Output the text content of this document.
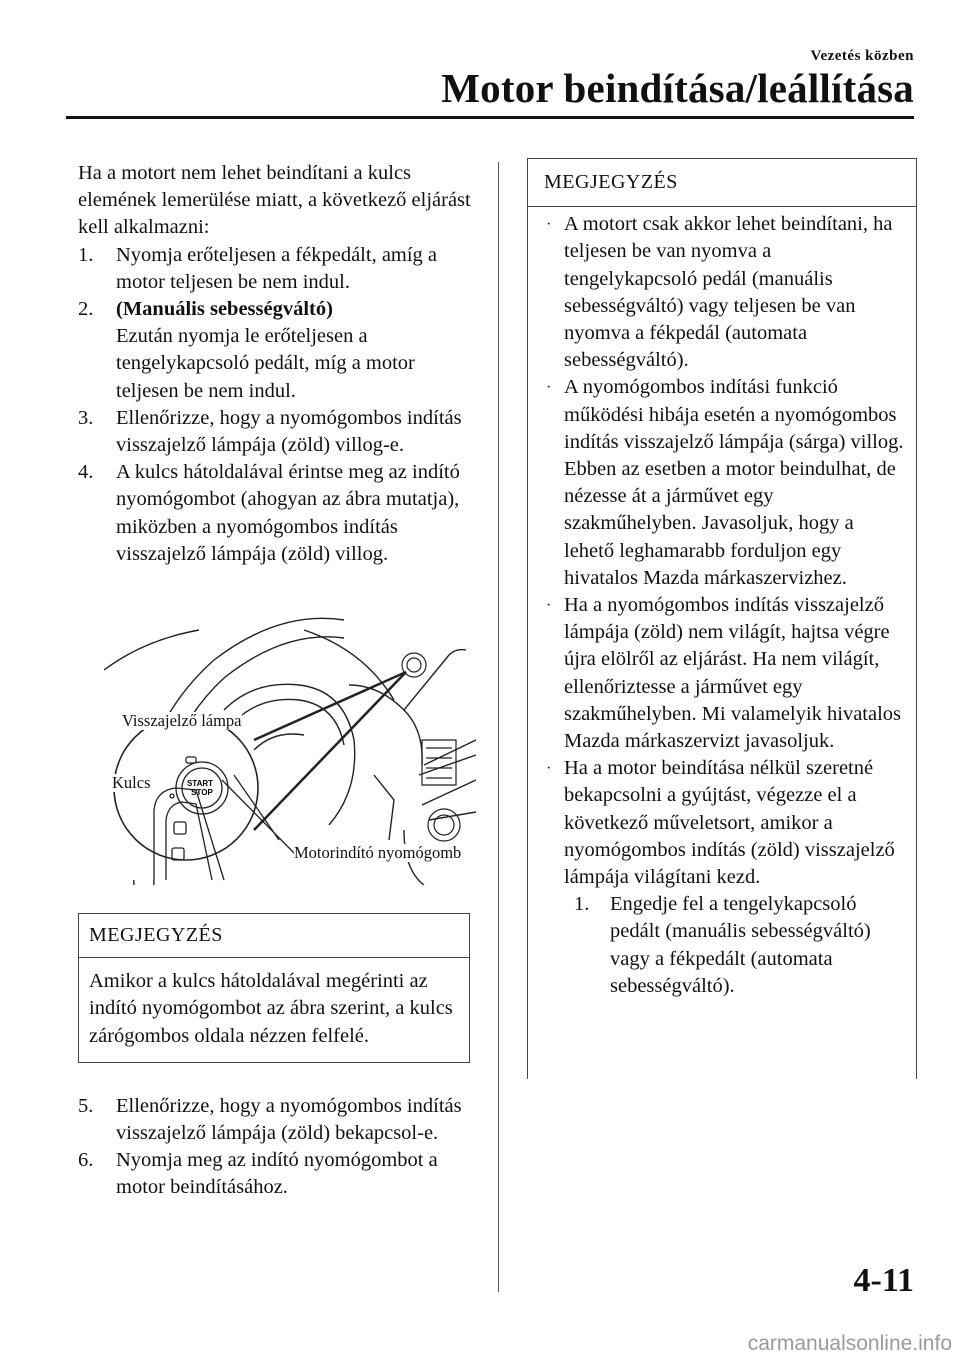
Vezetés közben
Motor beindítása/leállítása

Ha a motort nem lehet beindítani a kulcs elemének lemerülése miatt, a következő eljárást kell alkalmazni:

1. Nyomja erőteljesen a fékpedált, amíg a motor teljesen be nem indul.
2. (Manuális sebességváltó)
Ezután nyomja le erőteljesen a tengelykapcsoló pedált, míg a motor teljesen be nem indul.
3. Ellenőrizze, hogy a nyomógombos indítás visszajelző lámpája (zöld) villog-e.
4. A kulcs hátoldalával érintse meg az indító nyomógombot (ahogyan az ábra mutatja), miközben a nyomógombos indítás visszajelző lámpája (zöld) villog.
START
STOP
Visszajelző lámpa
Kulcs
Motorindító nyomógomb
MEGJEGYZÉS
Amikor a kulcs hátoldalával megérinti az indító nyomógombot az ábra szerint, a kulcs zárógombos oldala nézzen felfelé.
5. Ellenőrizze, hogy a nyomógombos indítás visszajelző lámpája (zöld) bekapcsol-e.
6. Nyomja meg az indító nyomógombot a motor beindításához.
MEGJEGYZÉS
· A motort csak akkor lehet beindítani, ha teljesen be van nyomva a tengelykapcsoló pedál (manuális sebességváltó) vagy teljesen be van nyomva a fékpedál (automata sebességváltó).
· A nyomógombos indítási funkció működési hibája esetén a nyomógombos indítás visszajelző lámpája (sárga) villog. Ebben az esetben a motor beindulhat, de nézesse át a járművet egy szakműhelyben. Javasoljuk, hogy a lehető leghamarabb forduljon egy hivatalos Mazda márkaszervizhez.
· Ha a nyomógombos indítás visszajelző lámpája (zöld) nem világít, hajtsa végre újra elölről az eljárást. Ha nem világít, ellenőriztesse a járművet egy szakműhelyben. Mi valamelyik hivatalos Mazda márkaszervizt javasoljuk.
· Ha a motor beindítása nélkül szeretné bekapcsolni a gyújtást, végezze el a következő műveletsort, amikor a nyomógombos indítás (zöld) visszajelző lámpája világítani kezd.
1. Engedje fel a tengelykapcsoló pedált (manuális sebességváltó) vagy a fékpedált (automata sebességváltó).
4-11
carmanualsonline.info
